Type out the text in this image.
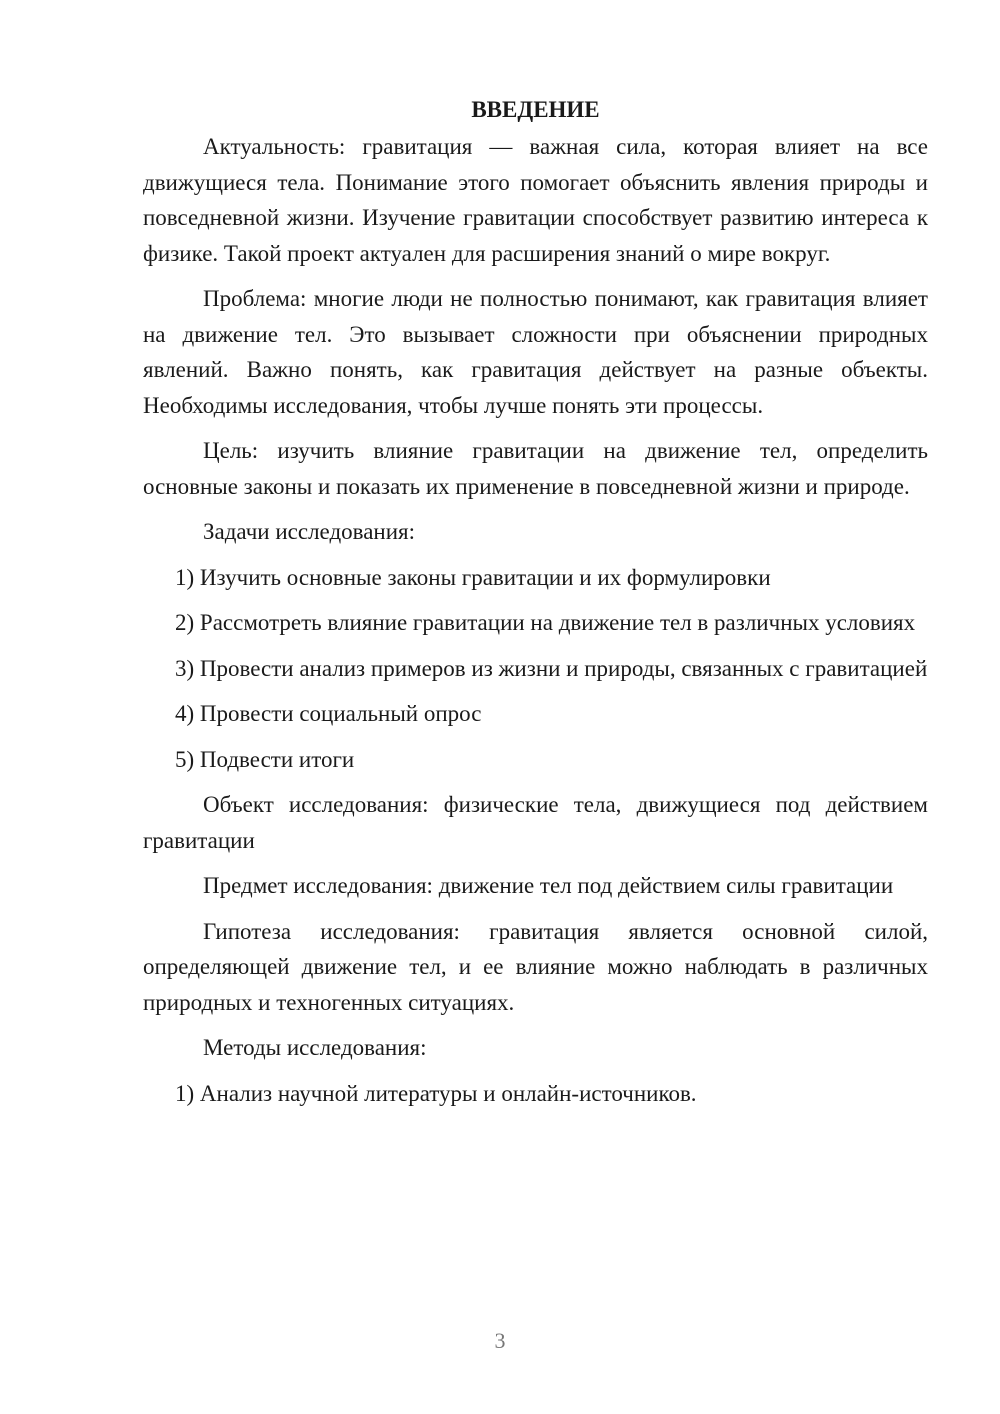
ВВЕДЕНИЕ

Актуальность: гравитация — важная сила, которая влияет на все движущиеся тела. Понимание этого помогает объяснить явления природы и повседневной жизни. Изучение гравитации способствует развитию интереса к физике. Такой проект актуален для расширения знаний о мире вокруг.

Проблема: многие люди не полностью понимают, как гравитация влияет на движение тел. Это вызывает сложности при объяснении природных явлений. Важно понять, как гравитация действует на разные объекты. Необходимы исследования, чтобы лучше понять эти процессы.

Цель: изучить влияние гравитации на движение тел, определить основные законы и показать их применение в повседневной жизни и природе.

Задачи исследования:

1) Изучить основные законы гравитации и их формулировки

2) Рассмотреть влияние гравитации на движение тел в различных условиях

3) Провести анализ примеров из жизни и природы, связанных с гравитацией

4) Провести социальный опрос

5) Подвести итоги

Объект исследования: физические тела, движущиеся под действием гравитации

Предмет исследования: движение тел под действием силы гравитации

Гипотеза исследования: гравитация является основной силой, определяющей движение тел, и ее влияние можно наблюдать в различных природных и техногенных ситуациях.

Методы исследования:

1) Анализ научной литературы и онлайн-источников.

3
